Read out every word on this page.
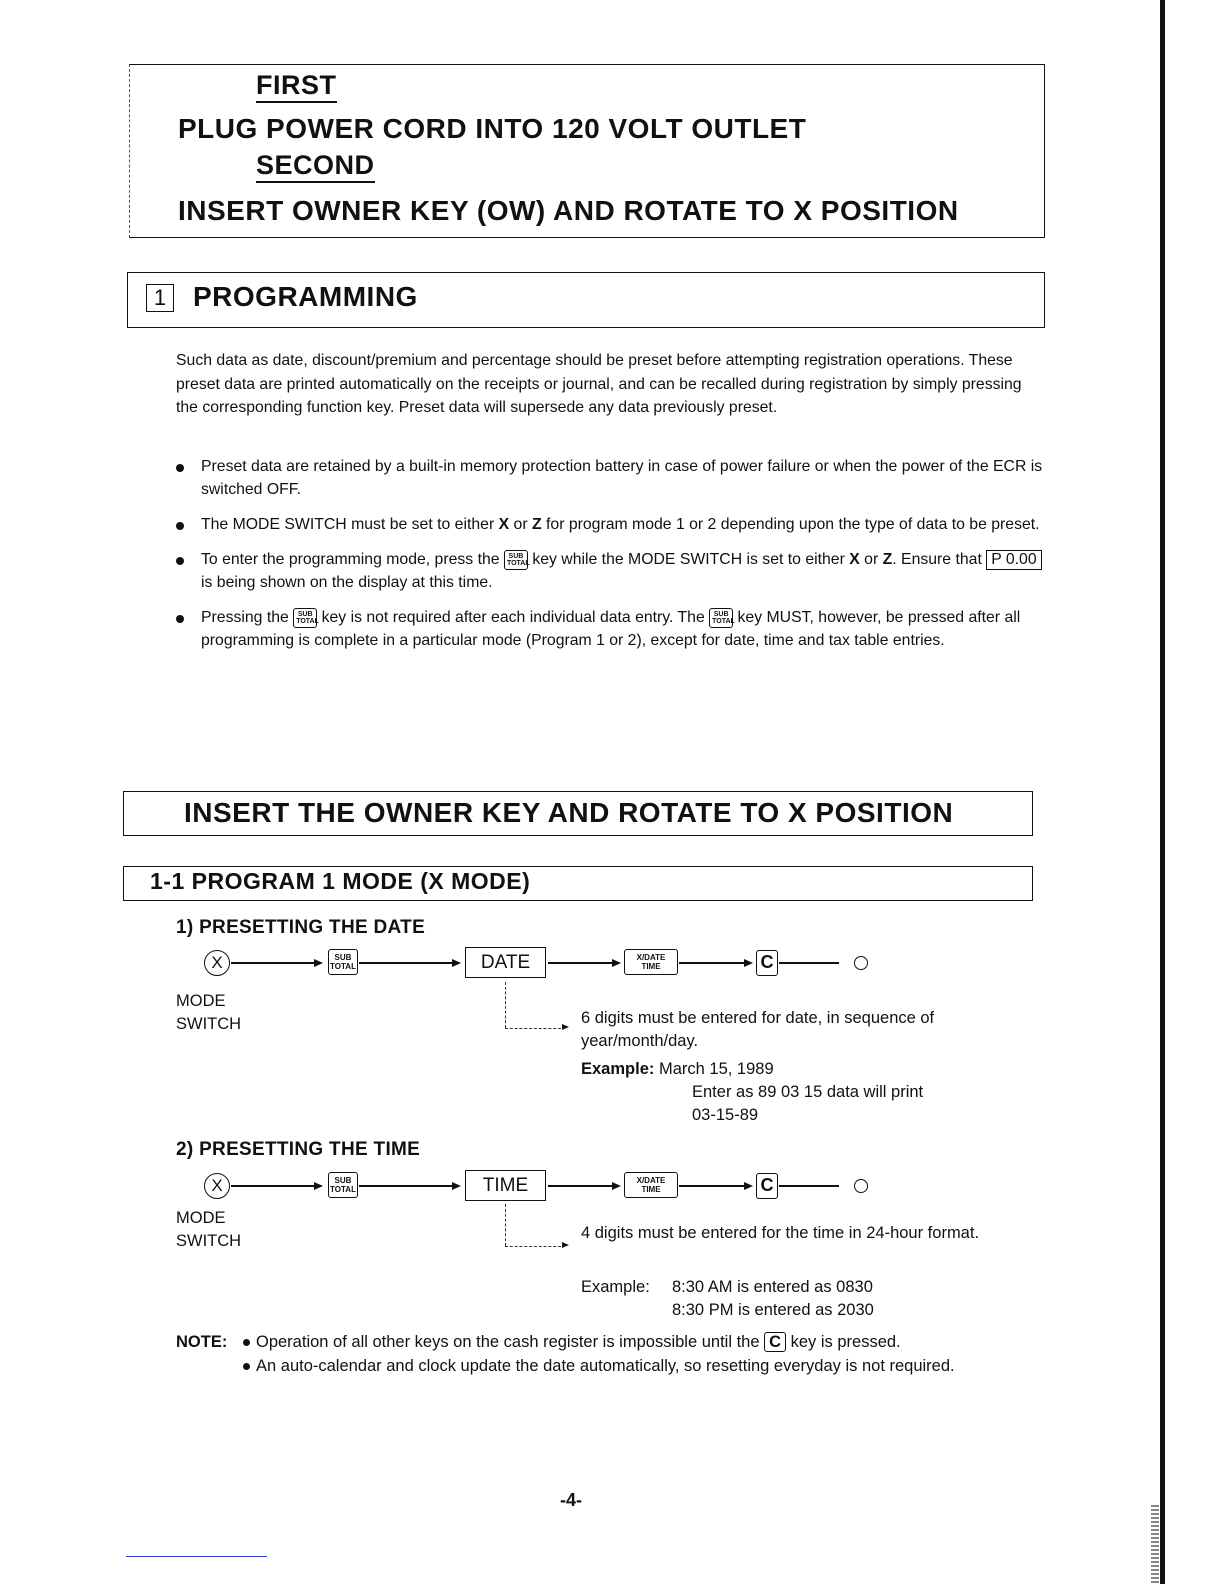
FIRST
PLUG POWER CORD INTO 120 VOLT OUTLET
SECOND
INSERT OWNER KEY (OW) AND ROTATE TO X POSITION
1 PROGRAMMING
Such data as date, discount/premium and percentage should be preset before attempting registration operations. These preset data are printed automatically on the receipts or journal, and can be recalled during registration by simply pressing the corresponding function key. Preset data will supersede any data previously preset.
Preset data are retained by a built-in memory protection battery in case of power failure or when the power of the ECR is switched OFF.
The MODE SWITCH must be set to either X or Z for program mode 1 or 2 depending upon the type of data to be preset.
To enter the programming mode, press the SUB
TOTAL key while the MODE SWITCH is set to either X or Z. Ensure that P 0.00 is being shown on the display at this time.
Pressing the SUB
TOTAL key is not required after each individual data entry. The SUB
TOTAL key MUST, however, be pressed after all programming is complete in a particular mode (Program 1 or 2), except for date, time and tax table entries.
INSERT THE OWNER KEY AND ROTATE TO X POSITION
1-1 PROGRAM 1 MODE (X MODE)
1) PRESETTING THE DATE
X	SUB
TOTAL	DATE	X/DATE
TIME	C
MODE
SWITCH	6 digits must be entered for date, in sequence of year/month/day.
Example: March 15, 1989
Enter as 89 03 15 data will print
03-15-89
2) PRESETTING THE TIME
X	SUB
TOTAL	TIME	X/DATE
TIME	C
MODE
SWITCH	4 digits must be entered for the time in 24-hour format.
Example: 8:30 AM is entered as 0830
8:30 PM is entered as 2030
NOTE:	Operation of all other keys on the cash register is impossible until the C key is pressed.
An auto-calendar and clock update the date automatically, so resetting everyday is not required.
-4-
